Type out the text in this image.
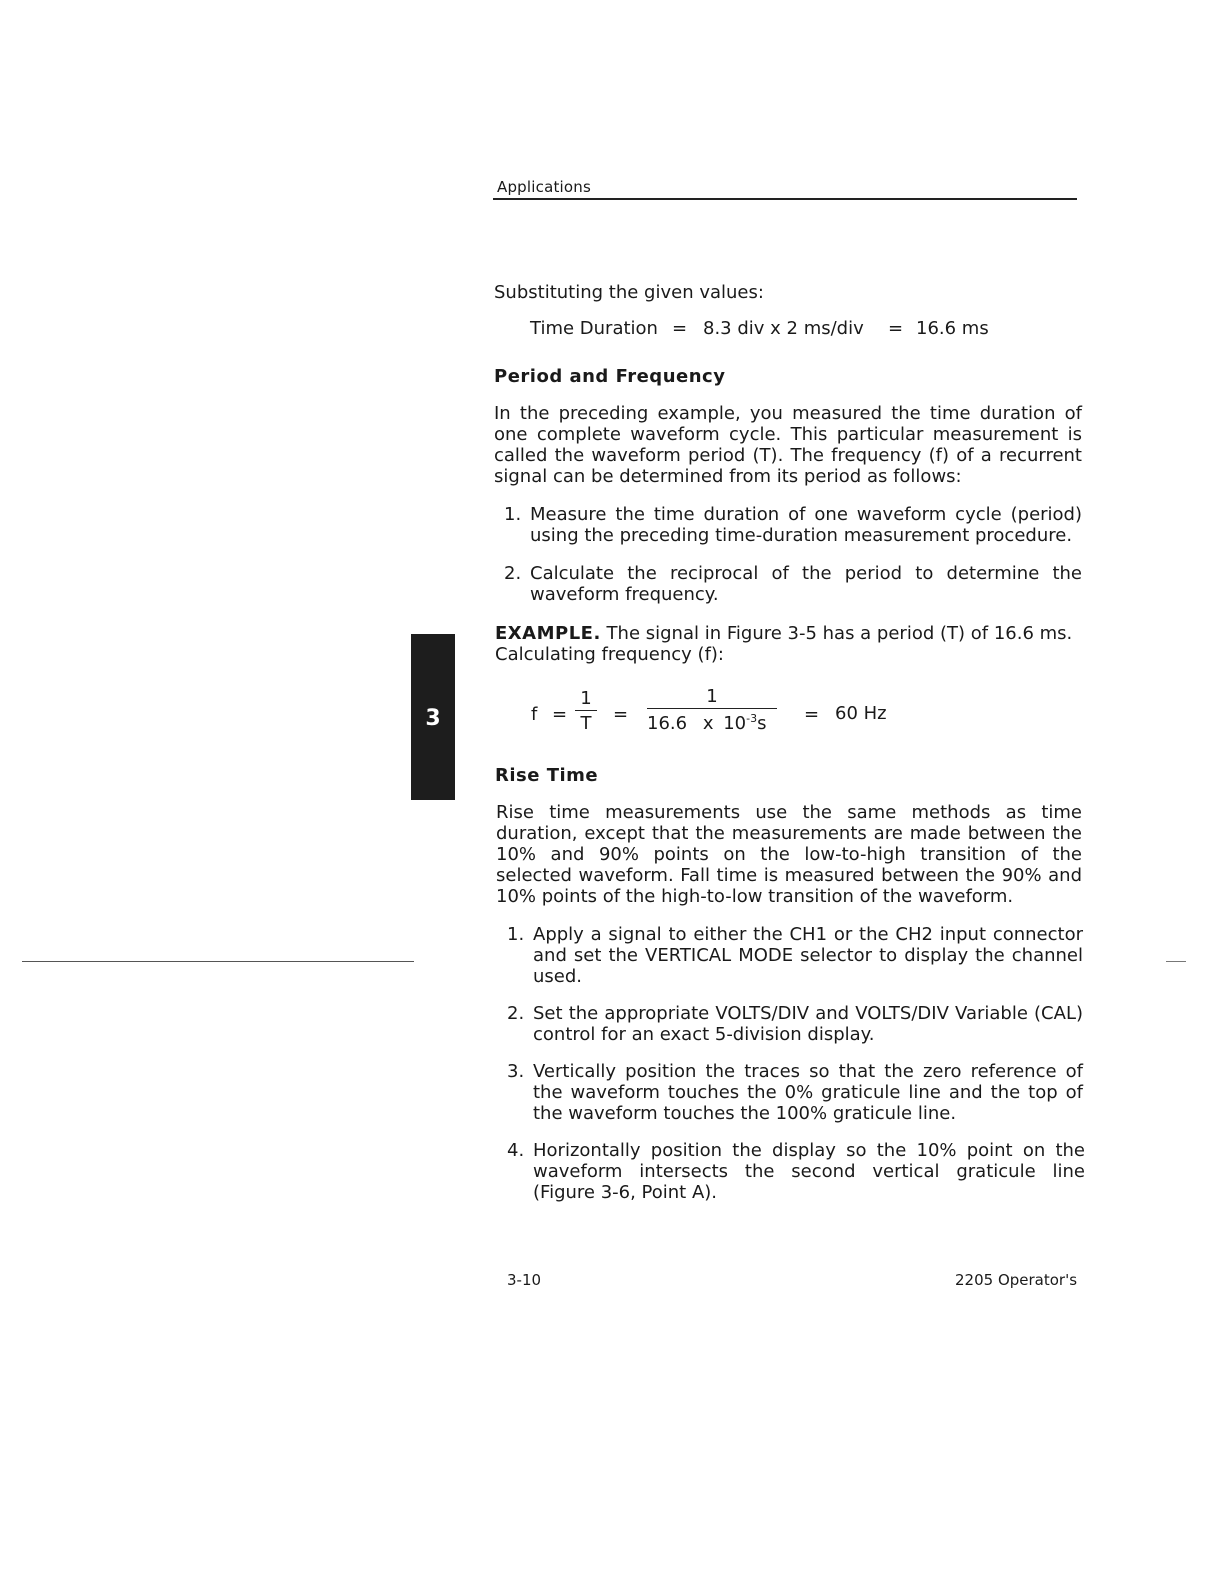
Applications
Substituting the given values:
Time Duration = 8.3 div x 2 ms/div = 16.6 ms
Period and Frequency
In the preceding example, you measured the time duration of one complete waveform cycle. This particular measurement is called the waveform period (T). The frequency (f) of a recurrent signal can be determined from its period as follows:
1. Measure the time duration of one waveform cycle (period) using the preceding time-duration measurement procedure.
2. Calculate the reciprocal of the period to determine the waveform frequency.
EXAMPLE. The signal in Figure 3-5 has a period (T) of 16.6 ms. Calculating frequency (f):
f =
1
T	=
1
16.6 x $10^{-3}s = 60$ Hz
3
Rise Time
Rise time measurements use the same methods as time duration, except that the measurements are made between the 10% and 90% points on the low-to-high transition of the selected waveform. Fall time is measured between the 90% and 10% points of the high-to-low transition of the waveform.
1. Apply a signal to either the CH1 or the CH2 input connector and set the VERTICAL MODE selector to display the channel used.
2. Set the appropriate VOLTS/DIV and VOLTS/DIV Variable (CAL) control for an exact 5-division display.
3. Vertically position the traces so that the zero reference of the waveform touches the 0% graticule line and the top of the waveform touches the 100% graticule line.
4. Horizontally position the display so the 10% point on the waveform intersects the second vertical graticule line (Figure 3-6, Point A).
3-10	2205 Operator's
